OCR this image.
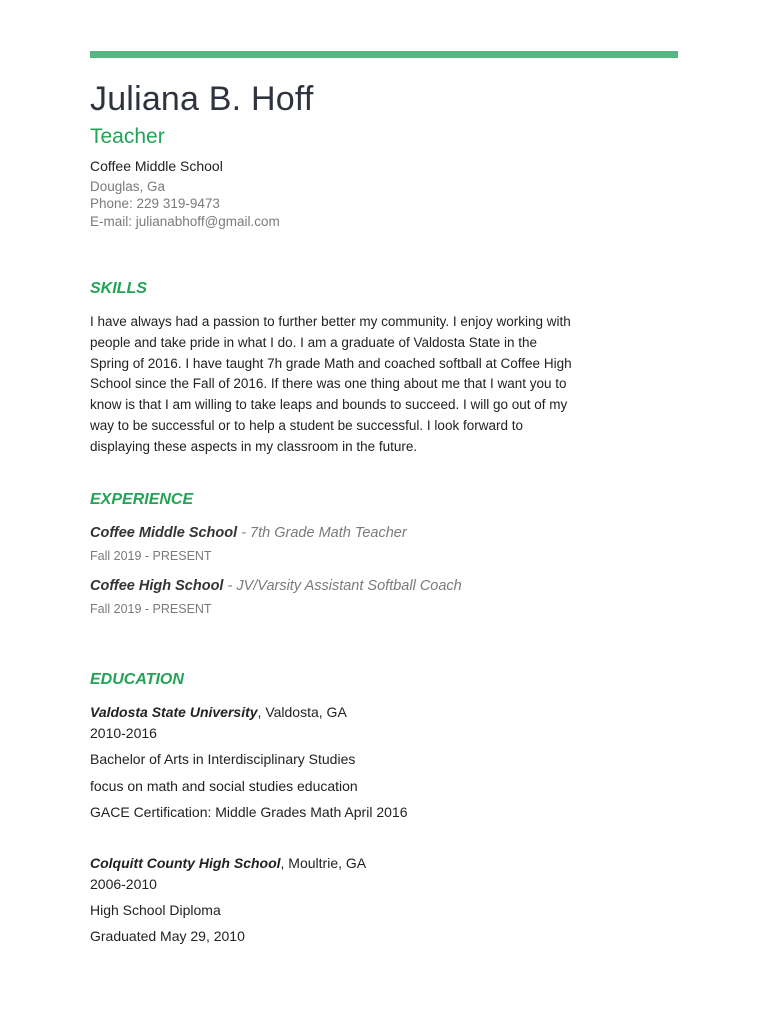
Juliana B. Hoff
Teacher
Coffee Middle School
Douglas, Ga
Phone: 229 319-9473
E-mail: julianabhoff@gmail.com
SKILLS
I have always had a passion to further better my community. I enjoy working with people and take pride in what I do. I am a graduate of Valdosta State in the Spring of 2016. I have taught 7h grade Math and coached softball at Coffee High School since the Fall of 2016. If there was one thing about me that I want you to know is that I am willing to take leaps and bounds to succeed. I will go out of my way to be successful or to help a student be successful. I look forward to displaying these aspects in my classroom in the future.
EXPERIENCE
Coffee Middle School - 7th Grade Math Teacher
Fall 2019 - PRESENT
Coffee High School - JV/Varsity Assistant Softball Coach
Fall 2019 - PRESENT
EDUCATION
Valdosta State University, Valdosta, GA
2010-2016
Bachelor of Arts in Interdisciplinary Studies
focus on math and social studies education
GACE Certification: Middle Grades Math April 2016
Colquitt County High School, Moultrie, GA
2006-2010
High School Diploma
Graduated May 29, 2010
